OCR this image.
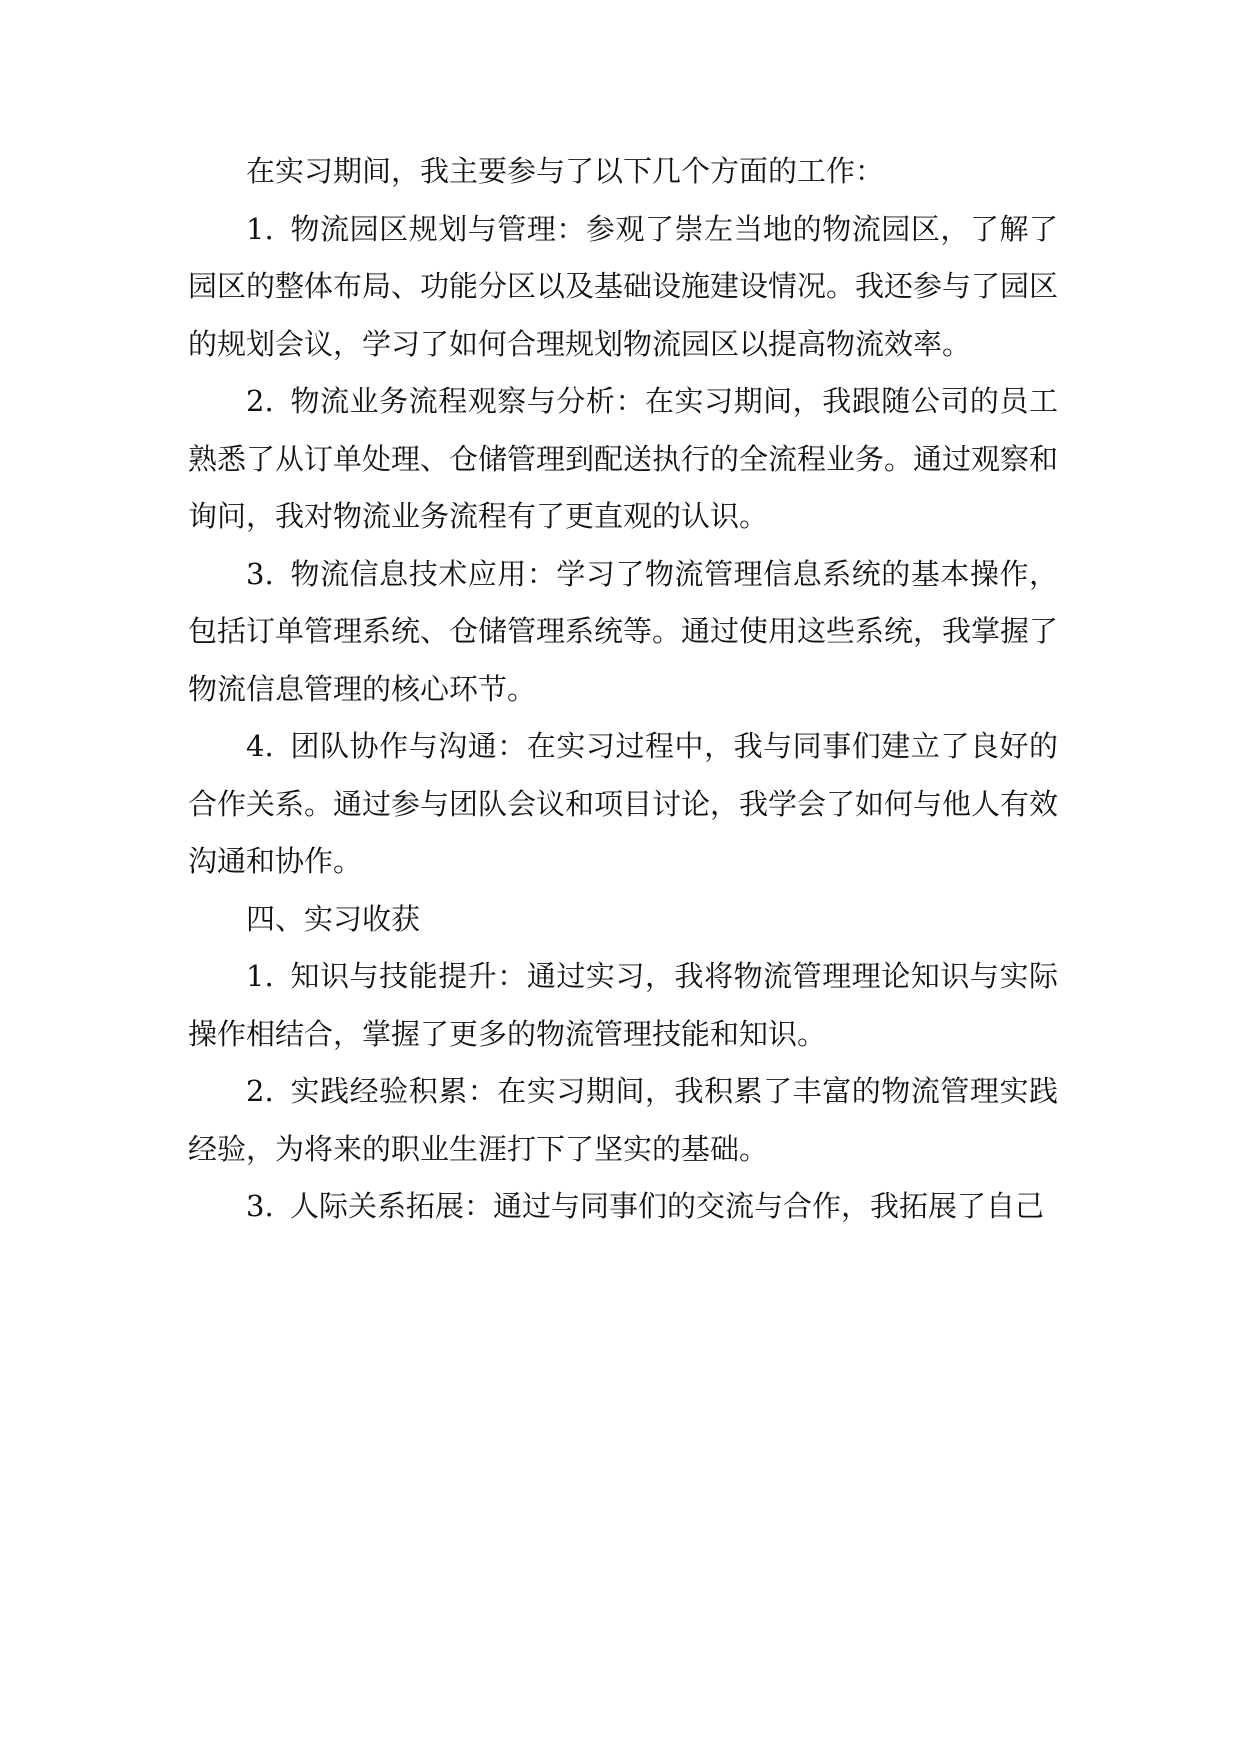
在实习期间，我主要参与了以下几个方面的工作：

1. 物流园区规划与管理：参观了崇左当地的物流园区，了解了园区的整体布局、功能分区以及基础设施建设情况。我还参与了园区的规划会议，学习了如何合理规划物流园区以提高物流效率。

2. 物流业务流程观察与分析：在实习期间，我跟随公司的员工熟悉了从订单处理、仓储管理到配送执行的全流程业务。通过观察和询问，我对物流业务流程有了更直观的认识。

3. 物流信息技术应用：学习了物流管理信息系统的基本操作，包括订单管理系统、仓储管理系统等。通过使用这些系统，我掌握了物流信息管理的核心环节。

4. 团队协作与沟通：在实习过程中，我与同事们建立了良好的合作关系。通过参与团队会议和项目讨论，我学会了如何与他人有效沟通和协作。

四、实习收获

1. 知识与技能提升：通过实习，我将物流管理理论知识与实际操作相结合，掌握了更多的物流管理技能和知识。

2. 实践经验积累：在实习期间，我积累了丰富的物流管理实践经验，为将来的职业生涯打下了坚实的基础。

3. 人际关系拓展：通过与同事们的交流与合作，我拓展了自己
